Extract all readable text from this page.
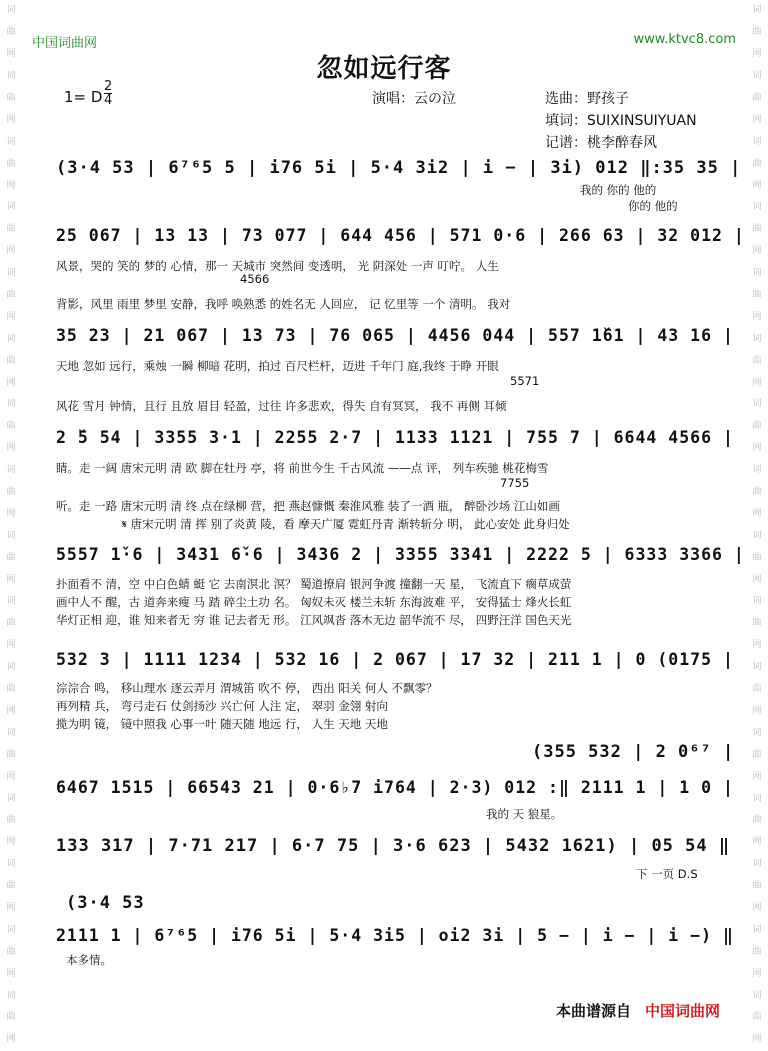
词
曲
网
词
曲
网
词
曲
网
词
曲
网
词
曲
网
词
曲
网
词
曲
网
词
曲
网
词
曲
网
词
曲
网
词
曲
网
词
曲
网
词
曲
网
词
曲
网
词
曲
网
词
曲
网
词
曲
网
词
曲
网
词
曲
网
词
曲
网
词
曲
网
词
曲
网
词
曲
网
词
曲
网
词
曲
网
词
曲
网
词
曲
网
词
曲
网
词
曲
网
词
曲
网
词
曲
网
词
曲
网
中国词曲网	www.ktvc8.com
忽如远行客
1= D
2
4	演唱：云の泣	选曲：野孩子
填词：SUIXINSUIYUAN
记谱：桃李醉春风
(3·4 53 | 6⁷⁶5 5 | i76 5i | 5·4 3i2 | i − | 3i) 012 ‖:35 35 |
我的 你的 他的
你的 他的
25 067 | 13 13 | 73 077 | 644 456 | 571 0·6 | 266 63 | 32 012 |
风景，哭的 笑的 梦的 心情，那一 天城市 突然间 变透明， 光 阴深处 一声 叮咛。 人生
4566
背影，风里 雨里 梦里 安静，我呼 唤熟悉 的姓名无 人回应， 记 忆里等 一个 清明。 我对
35 23 | 21 067 | 13 73 | 76 065 | 4456 044 | 557 1̌61 | 43 16 |
天地 忽如 远行，乘烛 一瞬 柳暗 花明，拍过 百尺栏杆，迈进 千年门 庭,我终 于睁 开眼
5571
风花 雪月 钟情，且行 且放 眉目 轻盈，过往 许多悲欢，得失 自有冥冥， 我不 再侧 耳倾
2 ̌5 54 | 3355 3·1 | 2255 2·7 | 1133 1121 | 755 7 | 6644 4566 |
睛。走 一阔 唐宋元明 清 欧 脚在牡丹 亭，将 前世今生 千古风流 ——点 评， 列车疾驰 桃花梅雪
7755
听。走 一路 唐宋元明 清 终 点在绿柳 营，把 燕赵慷慨 秦淮风雅 装了一酒 瓶， 醉卧沙场 江山如画
𝄋 唐宋元明 清 挥 别了炎黄 陵，看 摩天广厦 霓虹丹青 渐转斩分 明， 此心安处 此身归处
5557 1̌·6 | 3431 6̌·6 | 3436 2 | 3355 3341 | 2222 5 | 6333 3366 |
扑面看不 清，空 中白色蜻 蜓 它 去南溟北 溟？ 蜀道撩肩 银河争渡 撞翻一天 星， 飞流直下 瘸草成萤
画中人不 醒，古 道奔来瘦 马 踏 碎尘土功 名。 匈奴未灭 楼兰未斩 东海波难 平， 安得猛士 烽火长虹
华灯正相 迎，谁 知来者无 穷 谁 记去者无 形。 江风飒沓 落木无边 韶华流不 尽， 四野汪洋 国色天光
532 3 | 1111 1234 | 532 16 | 2 067 | 17 32 | 211 1 | 0 (0175 |
淙淙合 鸣， 移山理水 逐云弄月 渭城笛 吹不 停， 西出 阳关 何人 不飘零？
再列精 兵， 弯弓走石 仗剑扬沙 兴亡何 人注 定， 翠羽 金翎 射向
揽为明 镜， 镜中照我 心事一叶 随天随 地远 行， 人生 天地 天地
(355 532 | 2 0⁶⁷ |
6467 1515 | 66543 21 | 0·6♭7 i764 | 2·3) 012 :‖ 2111 1 | 1 0 |
我的 天 狼星。
133 317 | 7·71 217 | 6·7 75 | 3·6 623 | 5432 1621) | 05 54 ‖
下 一页 D.S
(3·4 53
2111 1 | 6⁷⁶5 | i76 5i | 5·4 3i5 | oi2 3i | 5 − | i − | i −) ‖
本多情。
本曲谱源自 中国词曲网
